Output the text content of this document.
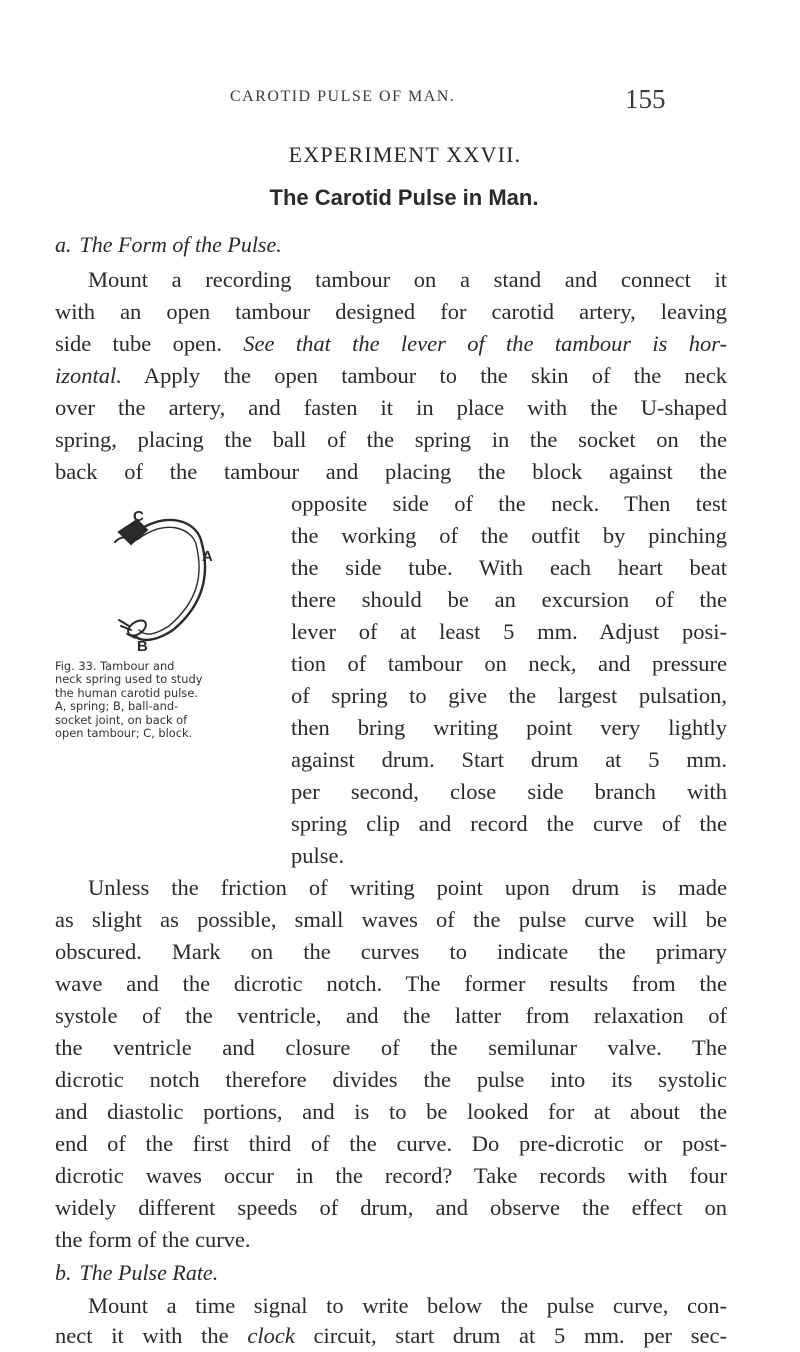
CAROTID PULSE OF MAN.	155
EXPERIMENT XXVII.
The Carotid Pulse in Man.
a. The Form of the Pulse.
Mount a recording tambour on a stand and connect it
with an open tambour designed for carotid artery, leaving
side tube open. See that the lever of the tambour is hor-
izontal. Apply the open tambour to the skin of the neck
over the artery, and fasten it in place with the U-shaped
spring, placing the ball of the spring in the socket on the
back of the tambour and placing the block against the
opposite side of the neck. Then test
the working of the outfit by pinching
the side tube. With each heart beat
there should be an excursion of the
lever of at least 5 mm. Adjust posi-
tion of tambour on neck, and pressure
of spring to give the largest pulsation,
then bring writing point very lightly
against drum. Start drum at 5 mm.
per second, close side branch with
spring clip and record the curve of the
pulse.
Unless the friction of writing point upon drum is made
as slight as possible, small waves of the pulse curve will be
obscured. Mark on the curves to indicate the primary
wave and the dicrotic notch. The former results from the
systole of the ventricle, and the latter from relaxation of
the ventricle and closure of the semilunar valve. The
dicrotic notch therefore divides the pulse into its systolic
and diastolic portions, and is to be looked for at about the
end of the first third of the curve. Do pre-dicrotic or post-
dicrotic waves occur in the record? Take records with four
widely different speeds of drum, and observe the effect on
the form of the curve.
C
A
B
Fig. 33. Tambour and
neck spring used to study
the human carotid pulse.
A, spring; B, ball-and-
socket joint, on back of
open tambour; C, block.
b. The Pulse Rate.
Mount a time signal to write below the pulse curve, con-
nect it with the clock circuit, start drum at 5 mm. per sec-
